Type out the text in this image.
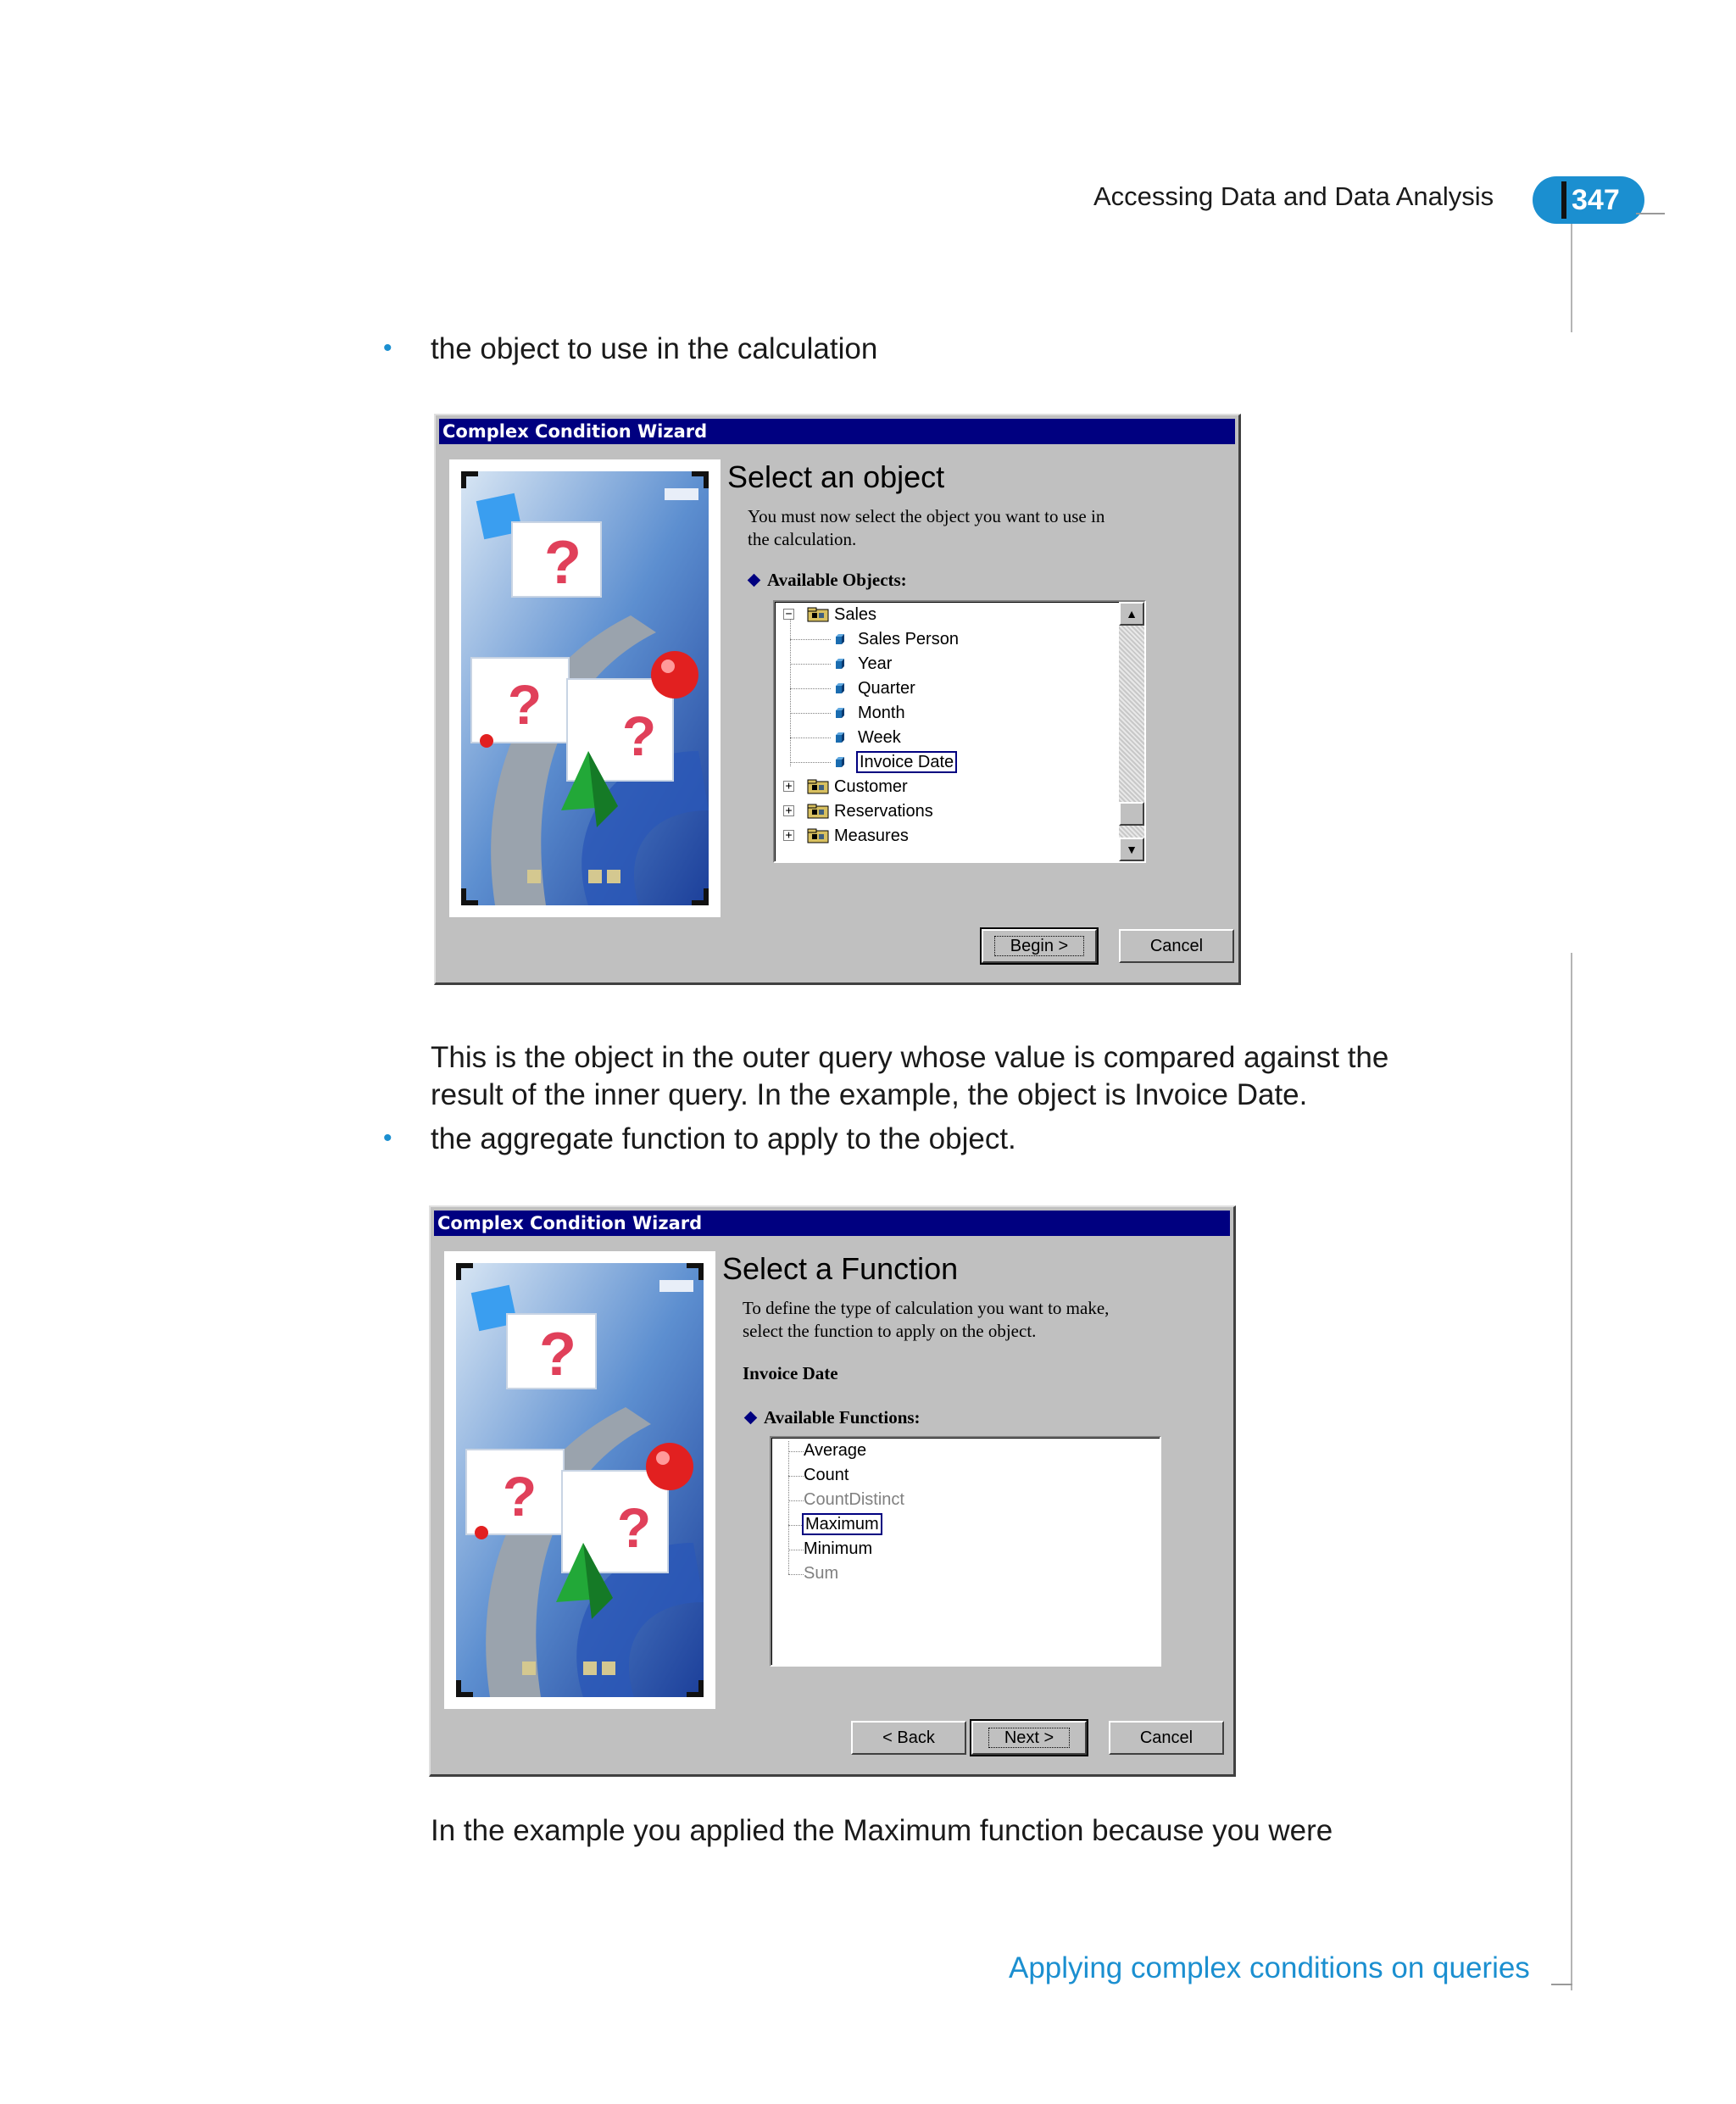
Accessing Data and Data Analysis	347
• the object to use in the calculation
Complex Condition Wizard
?
? ?
Select an object
You must now select the object you want to use in
the calculation.
Available Objects:
▲
▼
− Sales
Sales Person
Year
Quarter
Month
Week
Invoice Date
+ Customer
+ Reservations
+ Measures
Begin >	Cancel
This is the object in the outer query whose value is compared against the
result of the inner query. In the example, the object is Invoice Date.
• the aggregate function to apply to the object.
Complex Condition Wizard
?
? ?
Select a Function
To define the type of calculation you want to make,
select the function to apply on the object.
Invoice Date
Available Functions:
Average
Count
CountDistinct
Maximum
Minimum
Sum
< Back	Next >	Cancel
In the example you applied the Maximum function because you were
Applying complex conditions on queries
